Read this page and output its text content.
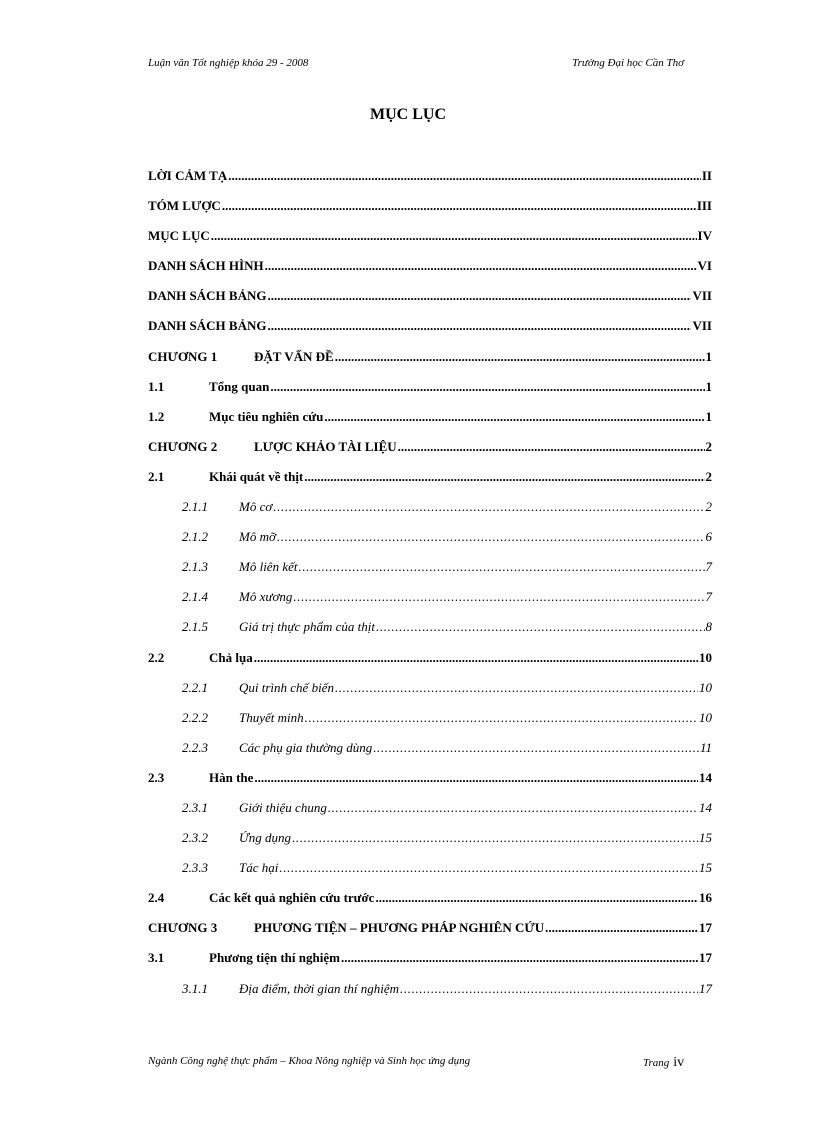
Luận văn Tốt nghiệp khóa 29 - 2008	Trường Đại học Cần Thơ
MỤC LỤC
LỜI CẢM TẠ .....	II
TÓM LƯỢC .....	III
MỤC LỤC .....	IV
DANH SÁCH HÌNH .....	VI
DANH SÁCH BẢNG .....	VII
DANH SÁCH BẢNG .....	VII
CHƯƠNG 1	ĐẶT VẤN ĐỀ .....	1
1.1	Tổng quan .....	1
1.2	Mục tiêu nghiên cứu .....	1
CHƯƠNG 2	LƯỢC KHẢO TÀI LIỆU .....	2
2.1	Khái quát về thịt .....	2
2.1.1	Mô cơ .....	2
2.1.2	Mô mỡ .....	6
2.1.3	Mô liên kết .....	7
2.1.4	Mô xương .....	7
2.1.5	Giá trị thực phẩm của thịt .....	8
2.2	Chả lụa .....	10
2.2.1	Qui trình chế biến .....	10
2.2.2	Thuyết minh .....	10
2.2.3	Các phụ gia thường dùng .....	11
2.3	Hàn the .....	14
2.3.1	Giới thiệu chung .....	14
2.3.2	Ứng dụng .....	15
2.3.3	Tác hại .....	15
2.4	Các kết quả nghiên cứu trước .....	16
CHƯƠNG 3	PHƯƠNG TIỆN – PHƯƠNG PHÁP NGHIÊN CỨU .....	17
3.1	Phương tiện thí nghiệm .....	17
3.1.1	Địa điểm, thời gian thí nghiệm .....	17
Ngành Công nghệ thực phẩm – Khoa Nông nghiệp và Sinh học ứng dụng	Trang iv
